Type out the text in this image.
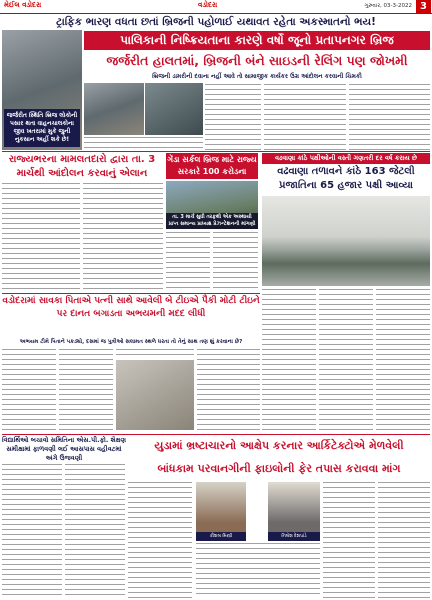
મેઈલ વડોદરા	વડોદરા	ગુરુવાર, 03-3-2022 3
ટ્રાફિક ભારણ વધતા છતાં બ્રિજની પહોળાઈ યથાવત રહેતા અકસ્માતનો ભય!
જર્જરીત સ્થિતિ બ્રિજ લોકોની પસાર થતા વાહનચાલકોના જીવ ખતરામાં મુકે જુની નુકસાન અહીં શકે છે!
પાલિકાની નિષ્ક્રિયતાના કારણે વર્ષો જૂનો પ્રતાપનગર બ્રિજ
જર્જરીત હાલતમાં, બ્રિજની બંને સાઇડની રેલિંગ પણ જોખમી
બ્રિજની ડામરીની દવાના નહીં આવે તો સામાજીક કાર્યકર ઉગ્ર આંદોલન કરવાની ચિમકી
રાજ્યભરના મામલતદારો દ્વારા તા. 3 માર્ચથી આંદોલન કરવાનું એલાન
ગેંડા સર્કલ બ્રિજ માટે રાજ્ય સરકારે 100 કરોડના
તા. 3 માર્ચ સુધી તરફથી એક અસ્થાયી પ્રાપ્ત સમાન્ય પ્રાધ્યક્ષ પ્રેઝન્ટેશનની માંગણી
વઢવાણા કાંઠે પક્ષીઓની વસ્તી ગણતરી દર વર્ષ કરાય છે
વઢવાણા તળાવને કાંઠે 163 જેટલી પ્રજાતિના 65 હજાર પક્ષી આવ્યા
વડોદરામાં સાવકા પિતાએ પત્ની સાથે આવેલી બે ટીઇએ પૈકી મોટી ટીઇને પર દાનત બગાડતા અભયમની મદદ લીધી
અભયમ ટીમે પિતાને પકડ્યો, દસમાં જ પુત્રીઓ સલામત સ્થળે ધરતા તો તેનું સાથ તણ શું કરવાના છે?
વિદ્યાર્થિઓ બચાવો સમિતિના એસ.પી.ફો. શૈક્ષણ સમીક્ષામાં ફાળવણી લઈ આસપાસ વહીવટમાં અંગે ઉજવણી
યુડામાં ભ્રષ્ટાચારનો આક્ષેપ કરનાર આર્કિટેક્ટોએ મેળવેલી
બાંધકામ પરવાનગીની ફાઇલોની ફેર તપાસ કરાવવા માંગ
કૌશલ મિસ્ત્રી	નિલેશ દેશપાંડે
